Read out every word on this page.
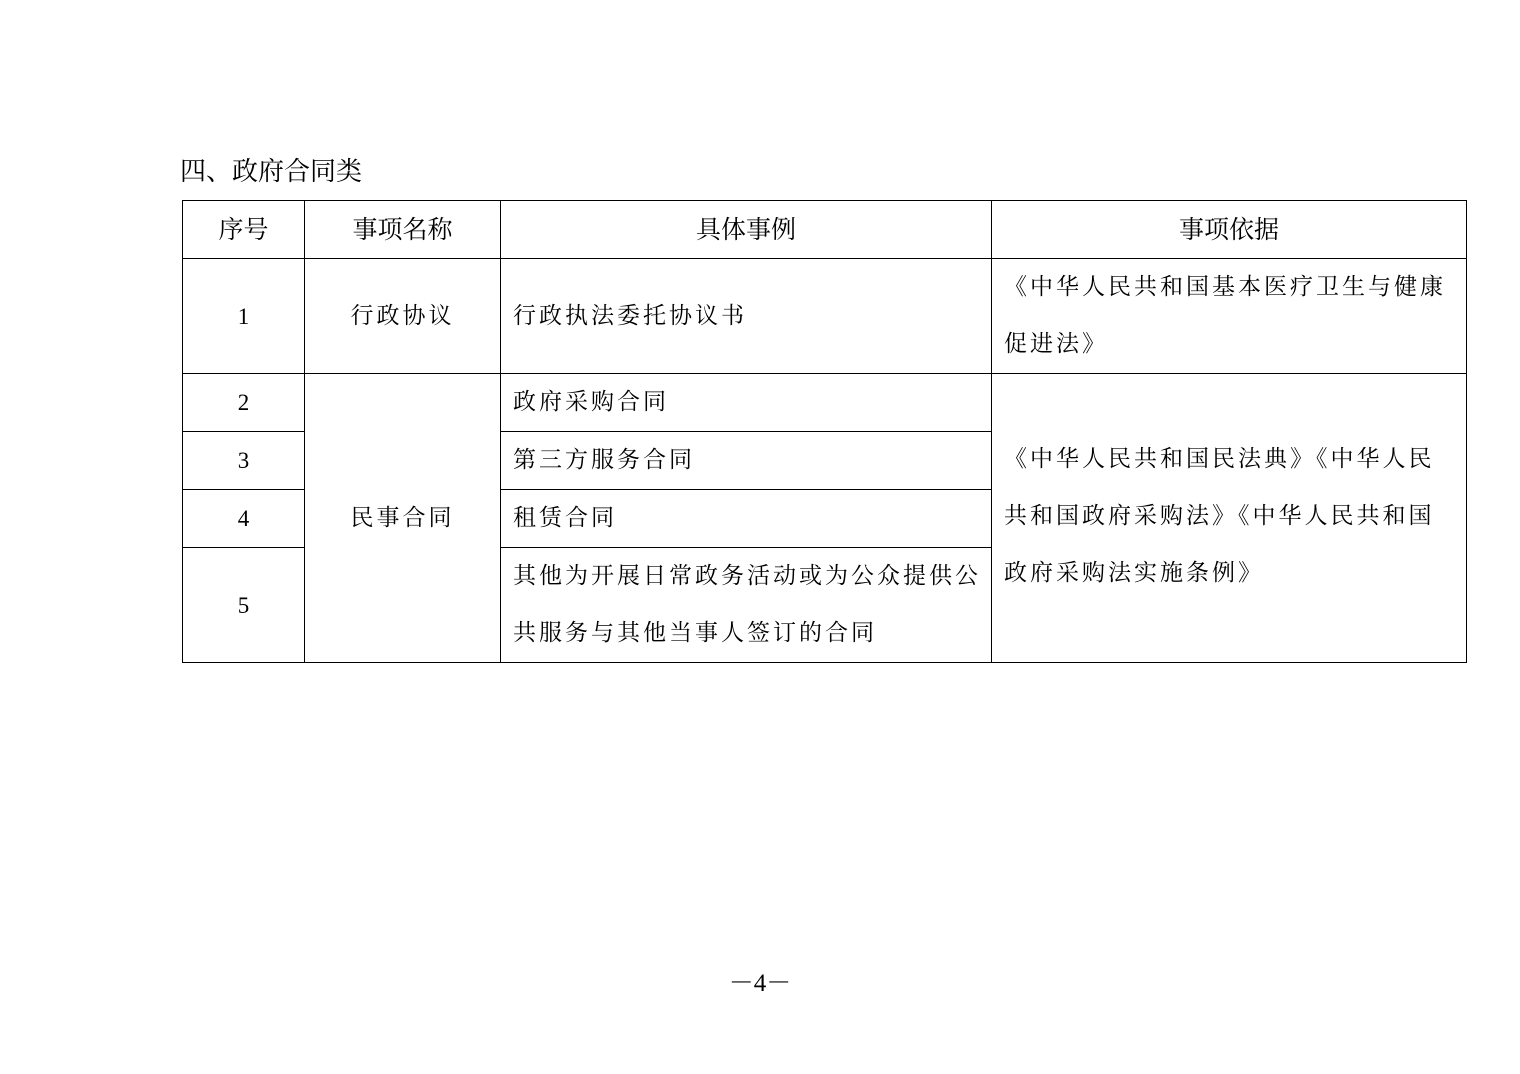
四、政府合同类
序号	事项名称	具体事例	事项依据
1	行政协议	行政执法委托协议书	《中华人民共和国基本医疗卫生与健康促进法》
2	民事合同	政府采购合同	《中华人民共和国民法典》《中华人民共和国政府采购法》《中华人民共和国政府采购法实施条例》
3		第三方服务合同	
4		租赁合同	
5		其他为开展日常政务活动或为公众提供公共服务与其他当事人签订的合同	
－4－
